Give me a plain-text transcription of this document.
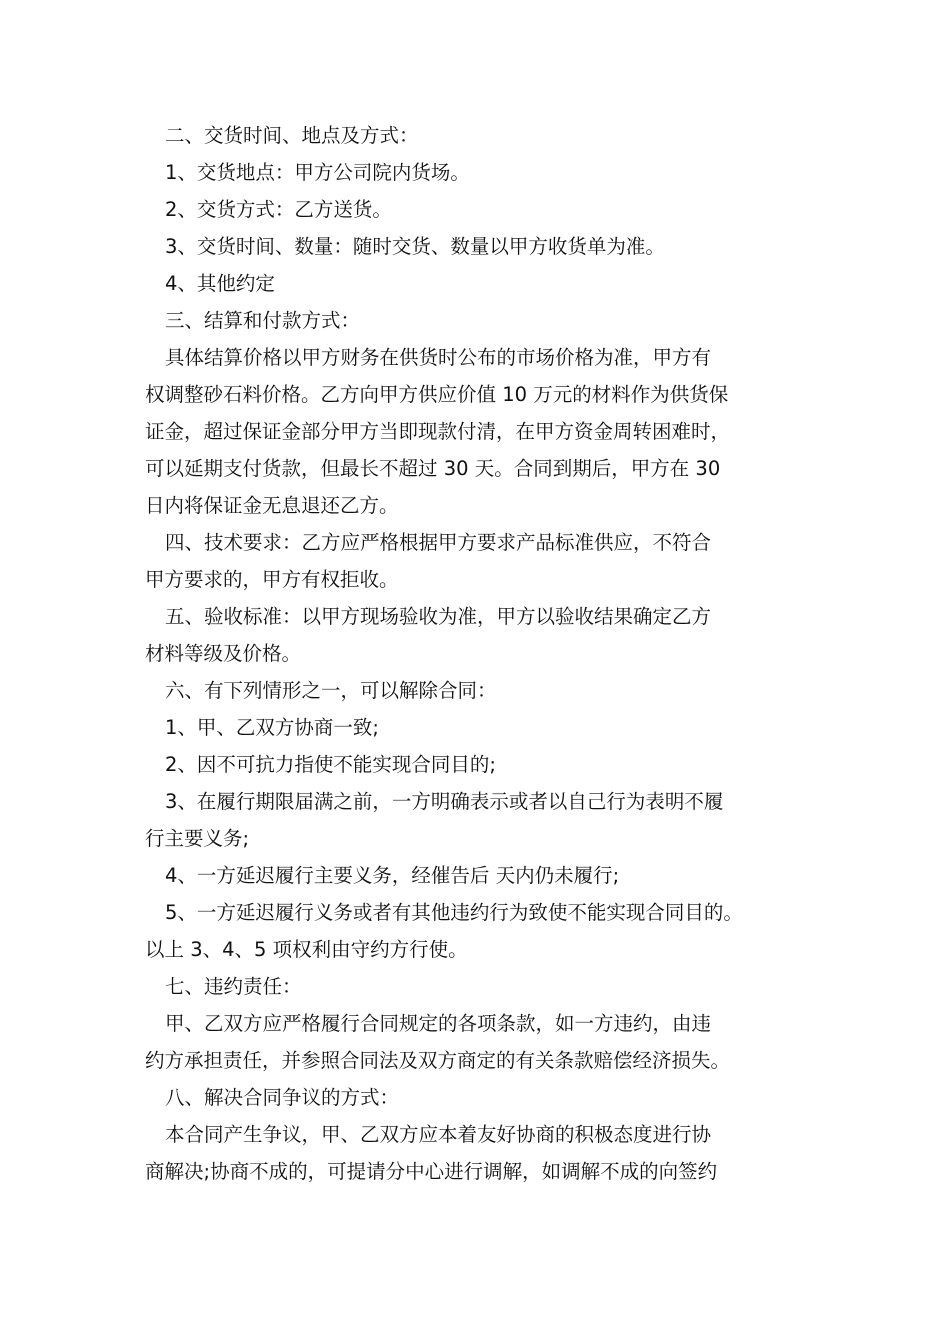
二、交货时间、地点及方式：
1、交货地点：甲方公司院内货场。
2、交货方式：乙方送货。
3、交货时间、数量：随时交货、数量以甲方收货单为准。
4、其他约定
三、结算和付款方式：
具体结算价格以甲方财务在供货时公布的市场价格为准，甲方有
权调整砂石料价格。乙方向甲方供应价值 10 万元的材料作为供货保
证金，超过保证金部分甲方当即现款付清，在甲方资金周转困难时，
可以延期支付货款，但最长不超过 30 天。合同到期后，甲方在 30
日内将保证金无息退还乙方。
四、技术要求：乙方应严格根据甲方要求产品标准供应，不符合
甲方要求的，甲方有权拒收。
五、验收标准：以甲方现场验收为准，甲方以验收结果确定乙方
材料等级及价格。
六、有下列情形之一，可以解除合同：
1、甲、乙双方协商一致;
2、因不可抗力指使不能实现合同目的;
3、在履行期限届满之前，一方明确表示或者以自己行为表明不履
行主要义务;
4、一方延迟履行主要义务，经催告后 天内仍未履行;
5、一方延迟履行义务或者有其他违约行为致使不能实现合同目的。
以上 3、4、5 项权利由守约方行使。
七、违约责任：
甲、乙双方应严格履行合同规定的各项条款，如一方违约，由违
约方承担责任，并参照合同法及双方商定的有关条款赔偿经济损失。
八、解决合同争议的方式：
本合同产生争议，甲、乙双方应本着友好协商的积极态度进行协
商解决;协商不成的，可提请分中心进行调解，如调解不成的向签约
